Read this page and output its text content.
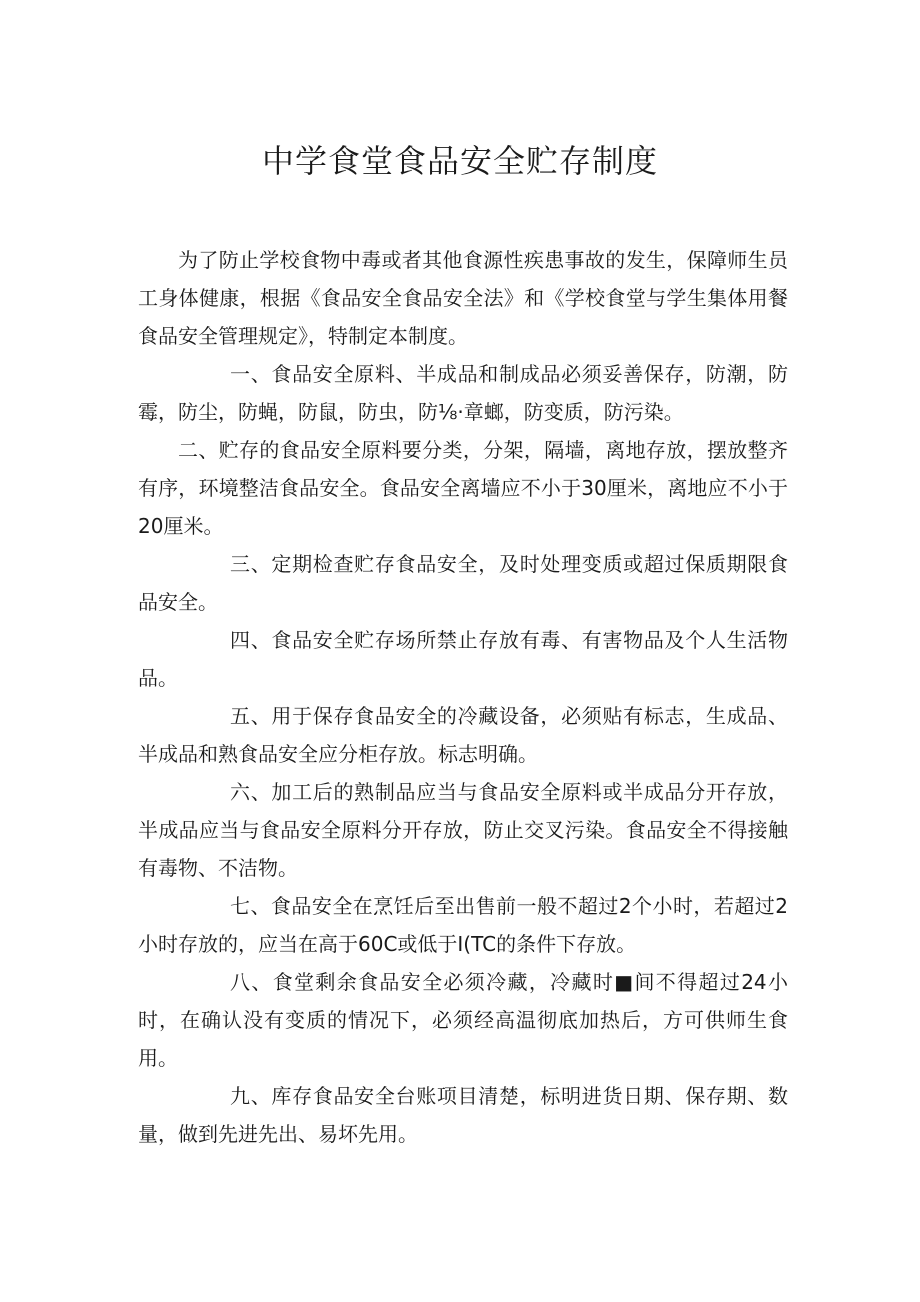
中学食堂食品安全贮存制度

为了防止学校食物中毒或者其他食源性疾患事故的发生，保障师生员工身体健康，根据《食品安全食品安全法》和《学校食堂与学生集体用餐食品安全管理规定》，特制定本制度。

一、食品安全原料、半成品和制成品必须妥善保存，防潮，防霉，防尘，防蝇，防鼠，防虫，防⅛·章螂，防变质，防污染。

二、贮存的食品安全原料要分类，分架，隔墙，离地存放，摆放整齐有序，环境整洁食品安全。食品安全离墙应不小于30厘米，离地应不小于20厘米。

三、定期检查贮存食品安全，及时处理变质或超过保质期限食品安全。

四、食品安全贮存场所禁止存放有毒、有害物品及个人生活物品。

五、用于保存食品安全的冷藏设备，必须贴有标志，生成品、半成品和熟食品安全应分柜存放。标志明确。

六、加工后的熟制品应当与食品安全原料或半成品分开存放，半成品应当与食品安全原料分开存放，防止交叉污染。食品安全不得接触有毒物、不洁物。

七、食品安全在烹饪后至出售前一般不超过2个小时，若超过2小时存放的，应当在高于60C或低于I(TC的条件下存放。

八、食堂剩余食品安全必须冷藏，冷藏时■间不得超过24小时，在确认没有变质的情况下，必须经高温彻底加热后，方可供师生食用。

九、库存食品安全台账项目清楚，标明进货日期、保存期、数量，做到先进先出、易坏先用。
